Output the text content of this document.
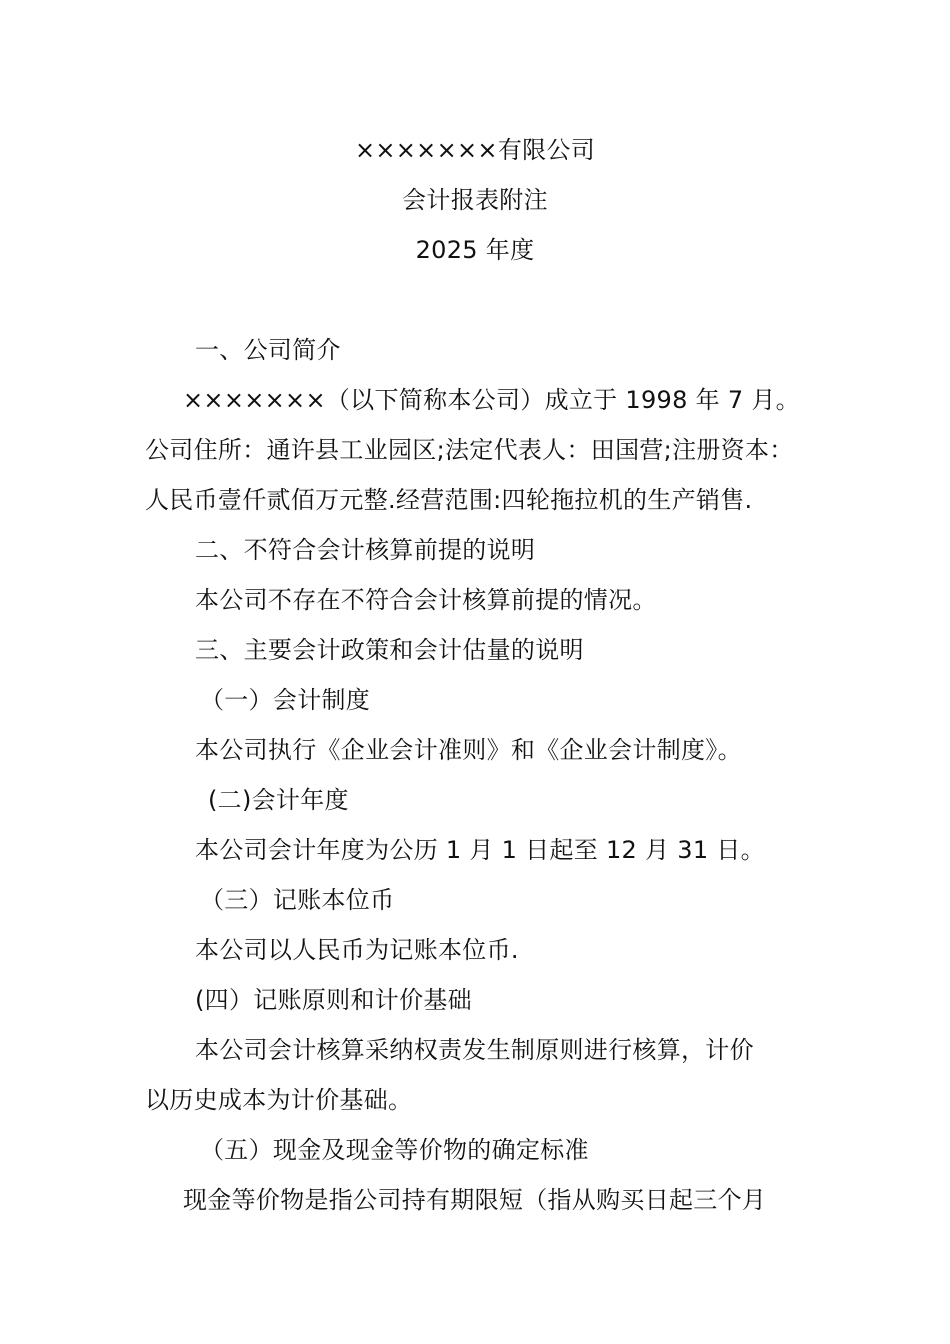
×××××××有限公司
会计报表附注
2025 年度
一、公司简介
×××××××（以下简称本公司）成立于 1998 年 7 月。
公司住所：通许县工业园区;法定代表人：田国营;注册资本：
人民币壹仟贰佰万元整.经营范围:四轮拖拉机的生产销售.
二、不符合会计核算前提的说明
本公司不存在不符合会计核算前提的情况。
三、主要会计政策和会计估量的说明
（一）会计制度
本公司执行《企业会计准则》和《企业会计制度》。
(二)会计年度
本公司会计年度为公历 1 月 1 日起至 12 月 31 日。
（三）记账本位币
本公司以人民币为记账本位币.
(四）记账原则和计价基础
本公司会计核算采纳权责发生制原则进行核算，计价
以历史成本为计价基础。
（五）现金及现金等价物的确定标准
现金等价物是指公司持有期限短（指从购买日起三个月
